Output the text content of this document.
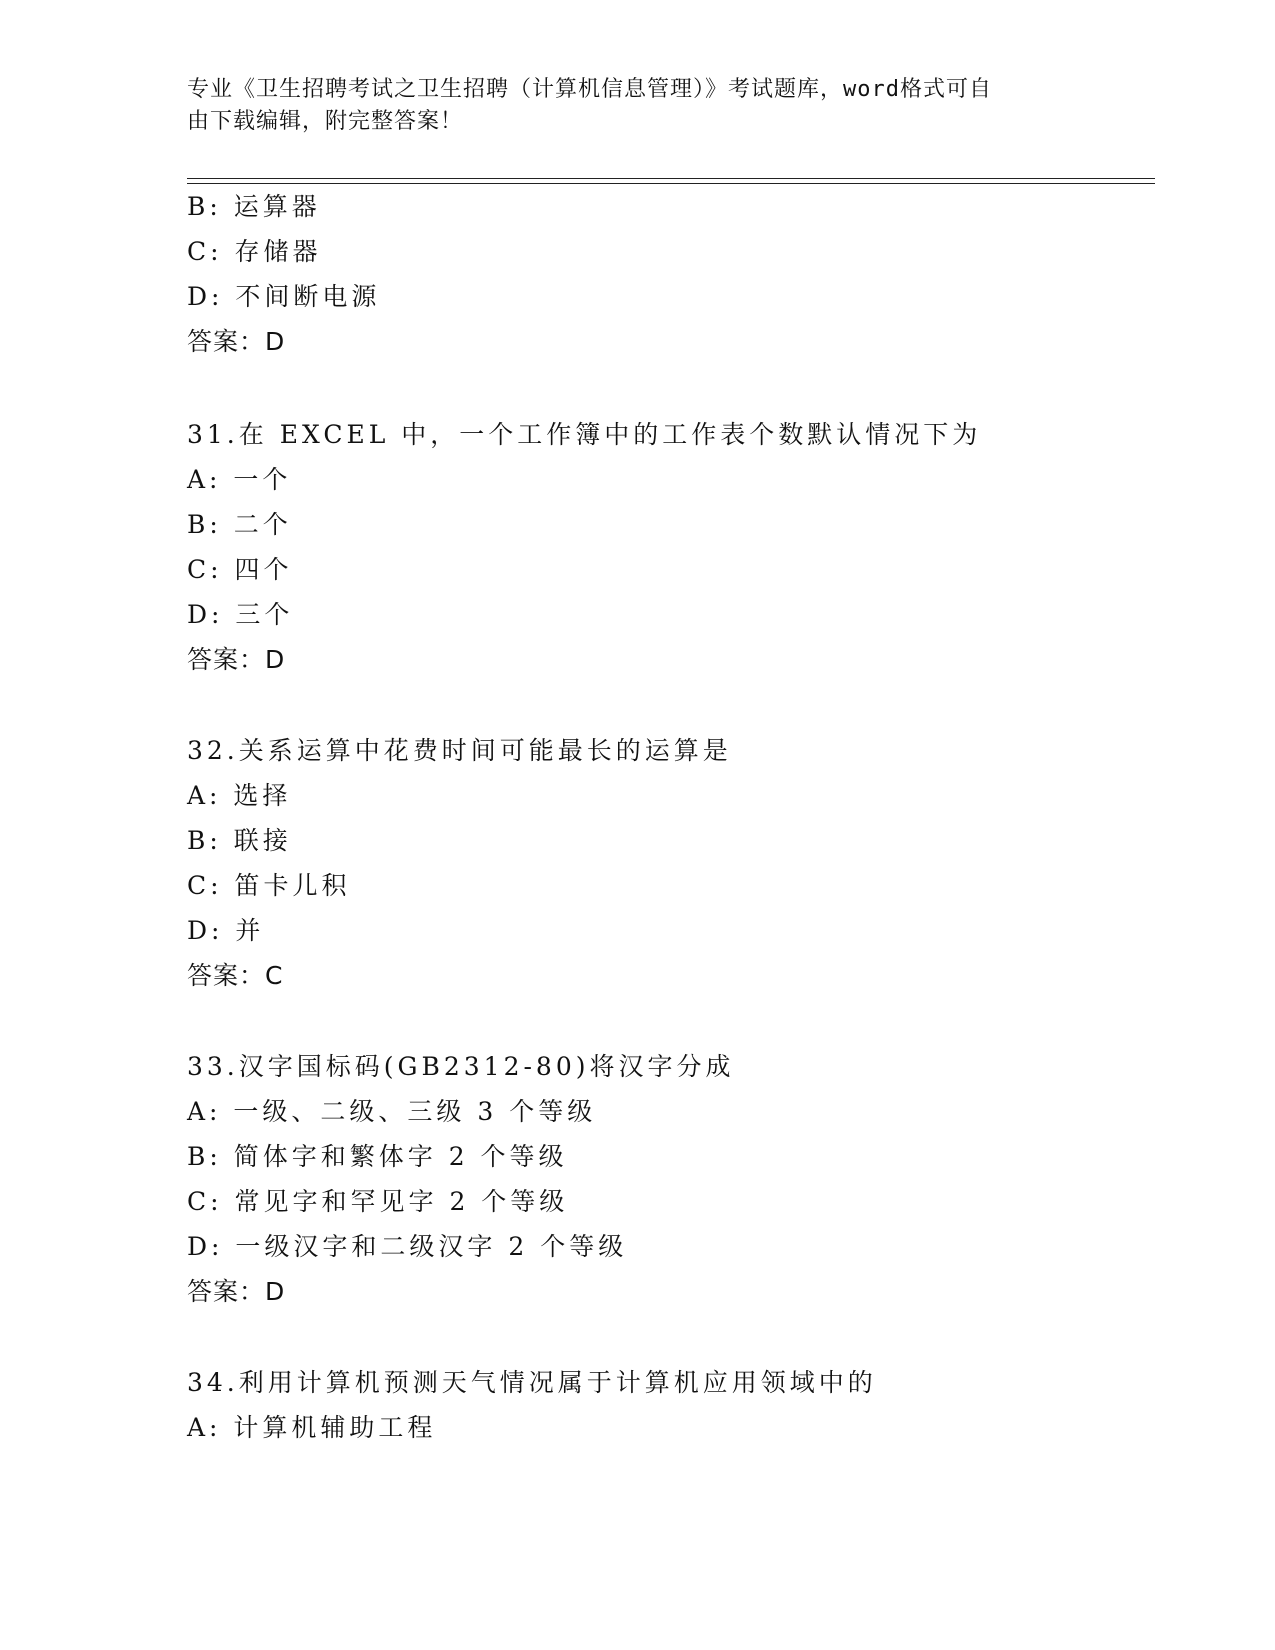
专业《卫生招聘考试之卫生招聘（计算机信息管理）》考试题库，word格式可自
由下载编辑，附完整答案！
B: 运算器
C: 存储器
D: 不间断电源
答案：D
31.在 EXCEL 中，一个工作簿中的工作表个数默认情况下为
A: 一个
B: 二个
C: 四个
D: 三个
答案：D
32.关系运算中花费时间可能最长的运算是
A: 选择
B: 联接
C: 笛卡儿积
D: 并
答案：C
33.汉字国标码(GB2312-80)将汉字分成
A: 一级、二级、三级 3 个等级
B: 简体字和繁体字 2 个等级
C: 常见字和罕见字 2 个等级
D: 一级汉字和二级汉字 2 个等级
答案：D
34.利用计算机预测天气情况属于计算机应用领域中的
A: 计算机辅助工程
